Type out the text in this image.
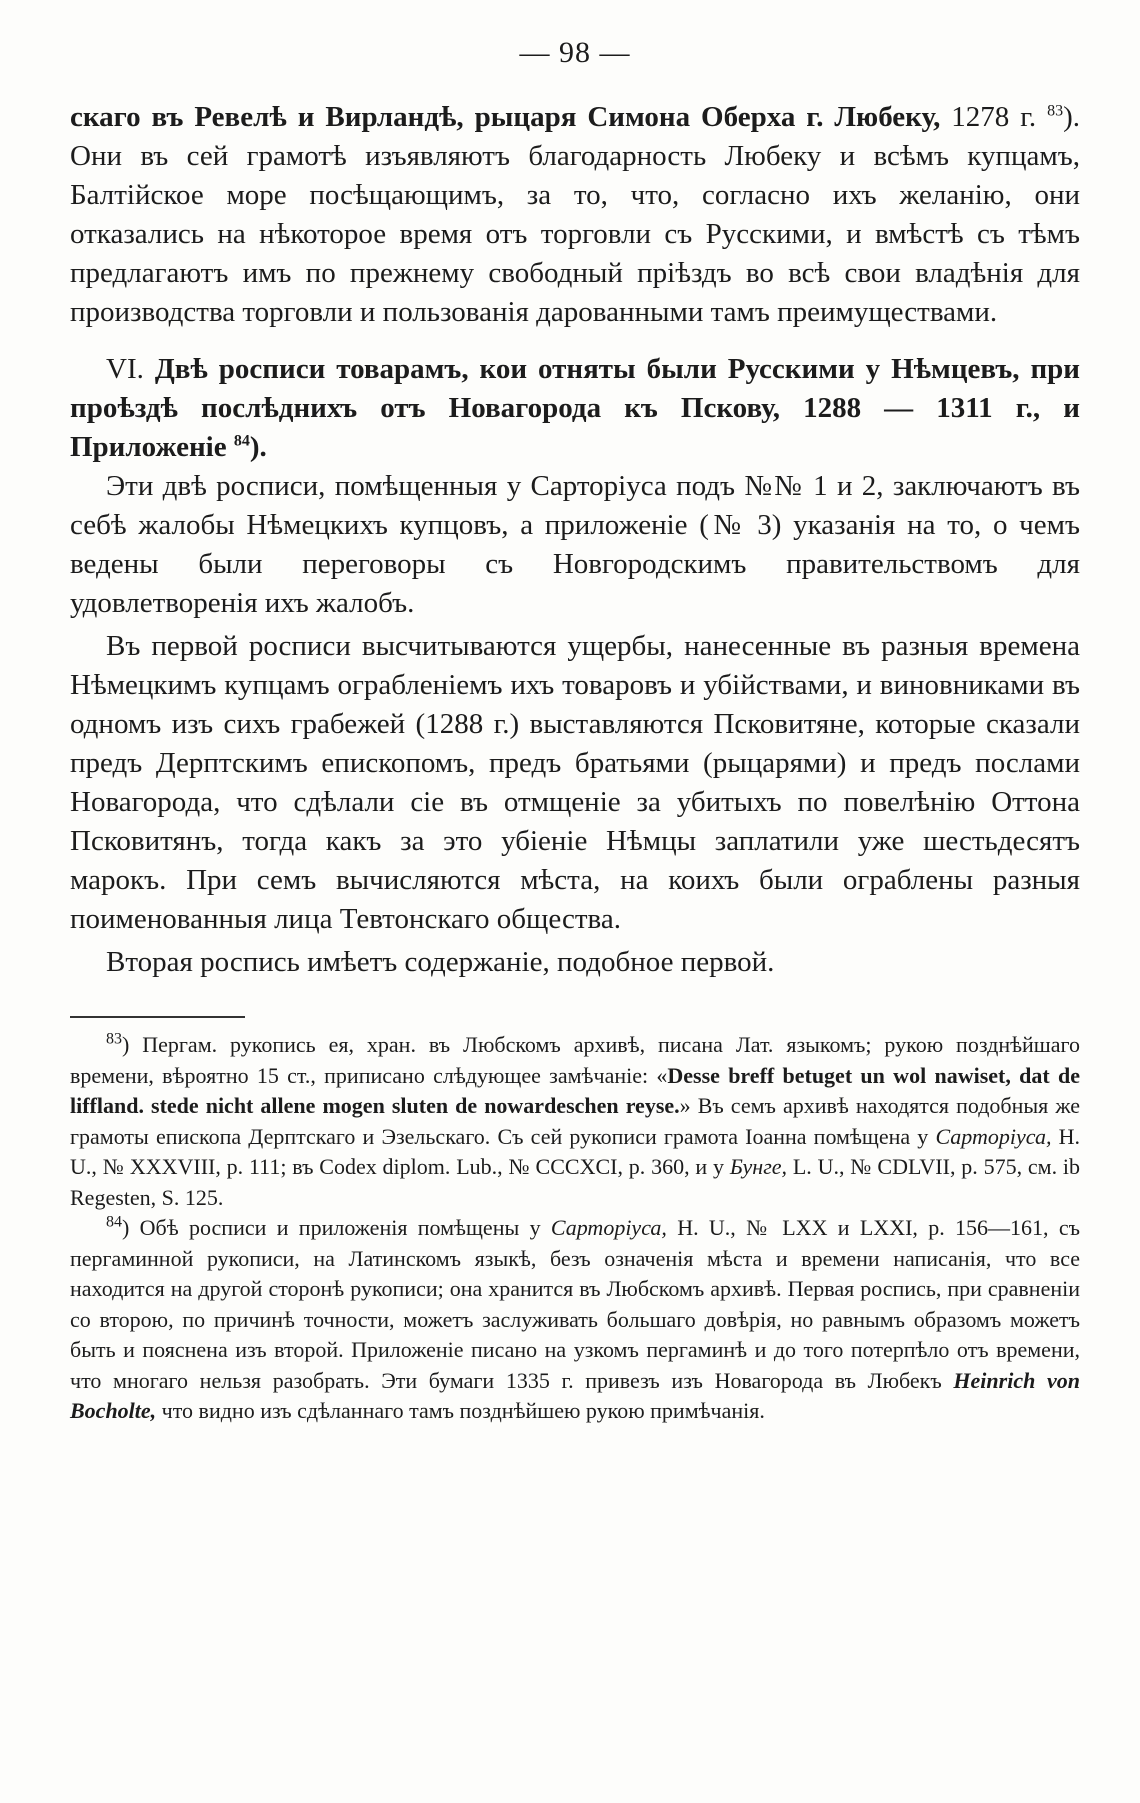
— 98 —

скаго въ Ревелѣ и Вирландѣ, рыцаря Симона Оберха г. Любеку, 1278 г. $^{83}$). Они въ сей грамотѣ изъявляютъ благодарность Любеку и всѣмъ купцамъ, Балтійское море посѣщающимъ, за то, что, согласно ихъ желанію, они отказались на нѣкоторое время отъ торговли съ Русскими, и вмѣстѣ съ тѣмъ предлагаютъ имъ по прежнему свободный пріѣздъ во всѣ свои владѣнія для производства торговли и пользованія дарованными тамъ преимуществами.

VI. Двѣ росписи товарамъ, кои отняты были Русскими у Нѣмцевъ, при проѣздѣ послѣднихъ отъ Новагорода къ Пскову, 1288 — 1311 г., и Приложеніе $^{84}$).

Эти двѣ росписи, помѣщенныя у Сарторіуса подъ №№ 1 и 2, заключаютъ въ себѣ жалобы Нѣмецкихъ купцовъ, а приложеніе (№ 3) указанія на то, о чемъ ведены были переговоры съ Новгородскимъ правительствомъ для удовлетворенія ихъ жалобъ.

Въ первой росписи высчитываются ущербы, нанесенные въ разныя времена Нѣмецкимъ купцамъ ограбленіемъ ихъ товаровъ и убійствами, и виновниками въ одномъ изъ сихъ грабежей (1288 г.) выставляются Псковитяне, которые сказали предъ Дерптскимъ епископомъ, предъ братьями (рыцарями) и предъ послами Новагорода, что сдѣлали сіе въ отмщеніе за убитыхъ по повелѣнію Оттона Псковитянъ, тогда какъ за это убіеніе Нѣмцы заплатили уже шестьдесятъ марокъ. При семъ вычисляются мѣста, на коихъ были ограблены разныя поименованныя лица Тевтонскаго общества.

Вторая роспись имѣетъ содержаніе, подобное первой.

$^{83}$) Пергам. рукопись ея, хран. въ Любскомъ архивѣ, писана Лат. языкомъ; рукою позднѣйшаго времени, вѣроятно 15 ст., приписано слѣдующее замѣчаніе: «Desse breff betuget un wol nawiset, dat de liffland. stede nicht allene mogen sluten de nowardeschen reyse.» Въ семъ архивѣ находятся подобныя же грамоты епископа Дерптскаго и Эзельскаго. Съ сей рукописи грамота Іоанна помѣщена у Сарторіуса, H. U., № XXXVIII, p. 111; въ Codex diplom. Lub., № CCCXCI, p. 360, и у Бунге, L. U., № CDLVII, p. 575, см. ib Regesten, S. 125.

$^{84}$) Обѣ росписи и приложенія помѣщены у Сарторіуса, H. U., № LXX и LXXI, p. 156—161, съ пергаминной рукописи, на Латинскомъ языкѣ, безъ означенія мѣста и времени написанія, что все находится на другой сторонѣ рукописи; она хранится въ Любскомъ архивѣ. Первая роспись, при сравненіи со второю, по причинѣ точности, можетъ заслуживать большаго довѣрія, но равнымъ образомъ можетъ быть и пояснена изъ второй. Приложеніе писано на узкомъ пергаминѣ и до того потерпѣло отъ времени, что многаго нельзя разобрать. Эти бумаги 1335 г. привезъ изъ Новагорода въ Любекъ Heinrich von Bocholte, что видно изъ сдѣланнаго тамъ позднѣйшею рукою примѣчанія.
